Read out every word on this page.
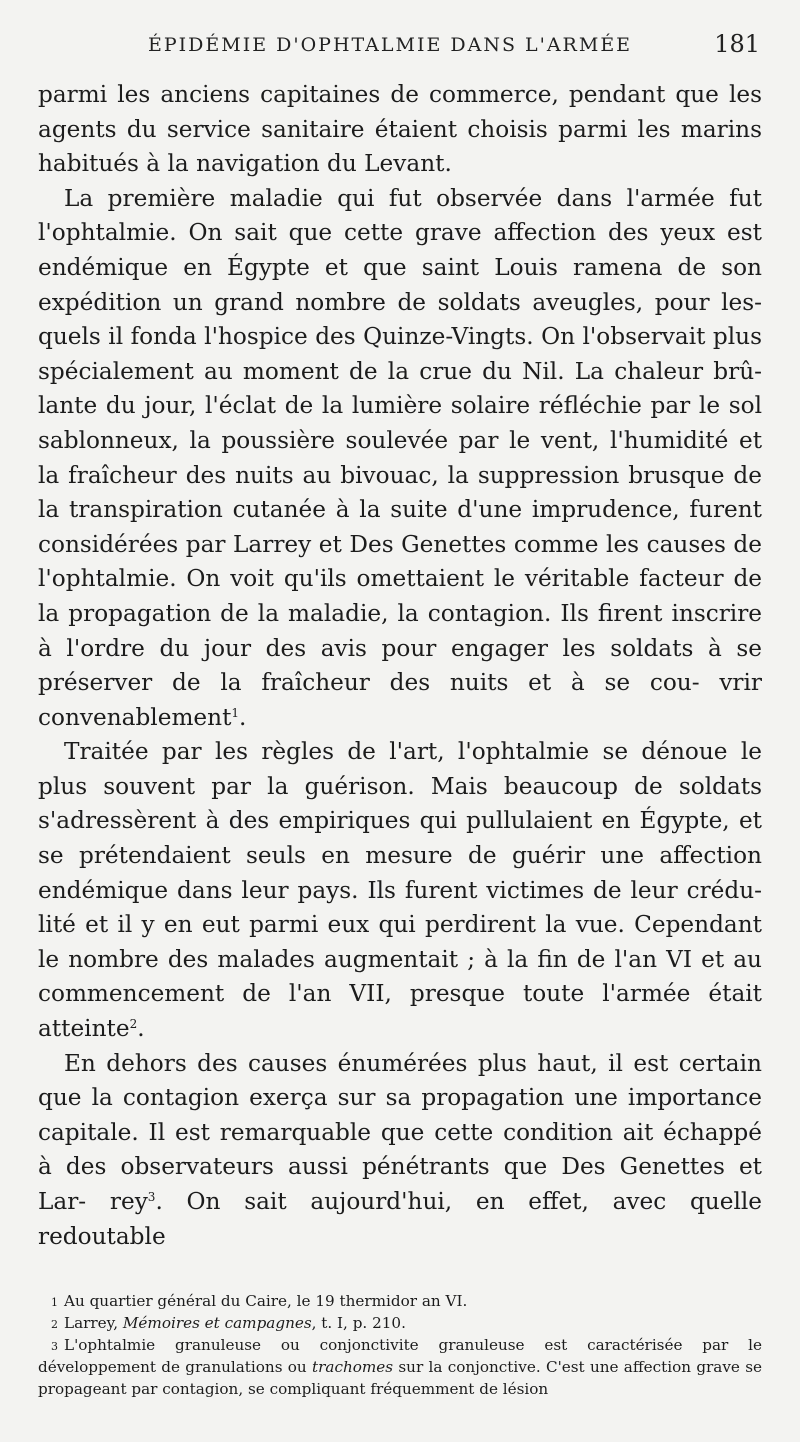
ÉPIDÉMIE D'OPHTALMIE DANS L'ARMÉE	181

parmi les anciens capitaines de commerce, pendant que les agents du service sanitaire étaient choisis parmi les marins habitués à la navigation du Levant.

La première maladie qui fut observée dans l'armée fut l'ophtalmie. On sait que cette grave affection des yeux est endémique en Égypte et que saint Louis ramena de son expédition un grand nombre de soldats aveugles, pour les- quels il fonda l'hospice des Quinze-Vingts. On l'observait plus spécialement au moment de la crue du Nil. La chaleur brû- lante du jour, l'éclat de la lumière solaire réfléchie par le sol sablonneux, la poussière soulevée par le vent, l'humidité et la fraîcheur des nuits au bivouac, la suppression brusque de la transpiration cutanée à la suite d'une imprudence, furent considérées par Larrey et Des Genettes comme les causes de l'ophtalmie. On voit qu'ils omettaient le véritable facteur de la propagation de la maladie, la contagion. Ils firent inscrire à l'ordre du jour des avis pour engager les soldats à se préserver de la fraîcheur des nuits et à se cou- vrir convenablement$^1$.

Traitée par les règles de l'art, l'ophtalmie se dénoue le plus souvent par la guérison. Mais beaucoup de soldats s'adressèrent à des empiriques qui pullulaient en Égypte, et se prétendaient seuls en mesure de guérir une affection endémique dans leur pays. Ils furent victimes de leur crédu- lité et il y en eut parmi eux qui perdirent la vue. Cependant le nombre des malades augmentait ; à la fin de l'an VI et au commencement de l'an VII, presque toute l'armée était atteinte$^2$.

En dehors des causes énumérées plus haut, il est certain que la contagion exerça sur sa propagation une importance capitale. Il est remarquable que cette condition ait échappé à des observateurs aussi pénétrants que Des Genettes et Lar- rey$^3$. On sait aujourd'hui, en effet, avec quelle redoutable

1 Au quartier général du Caire, le 19 thermidor an VI.

2 Larrey, Mémoires et campagnes, t. I, p. 210.

3 L'ophtalmie granuleuse ou conjonctivite granuleuse est caractérisée par le développement de granulations ou trachomes sur la conjonctive. C'est une affection grave se propageant par contagion, se compliquant fréquemment de lésion
